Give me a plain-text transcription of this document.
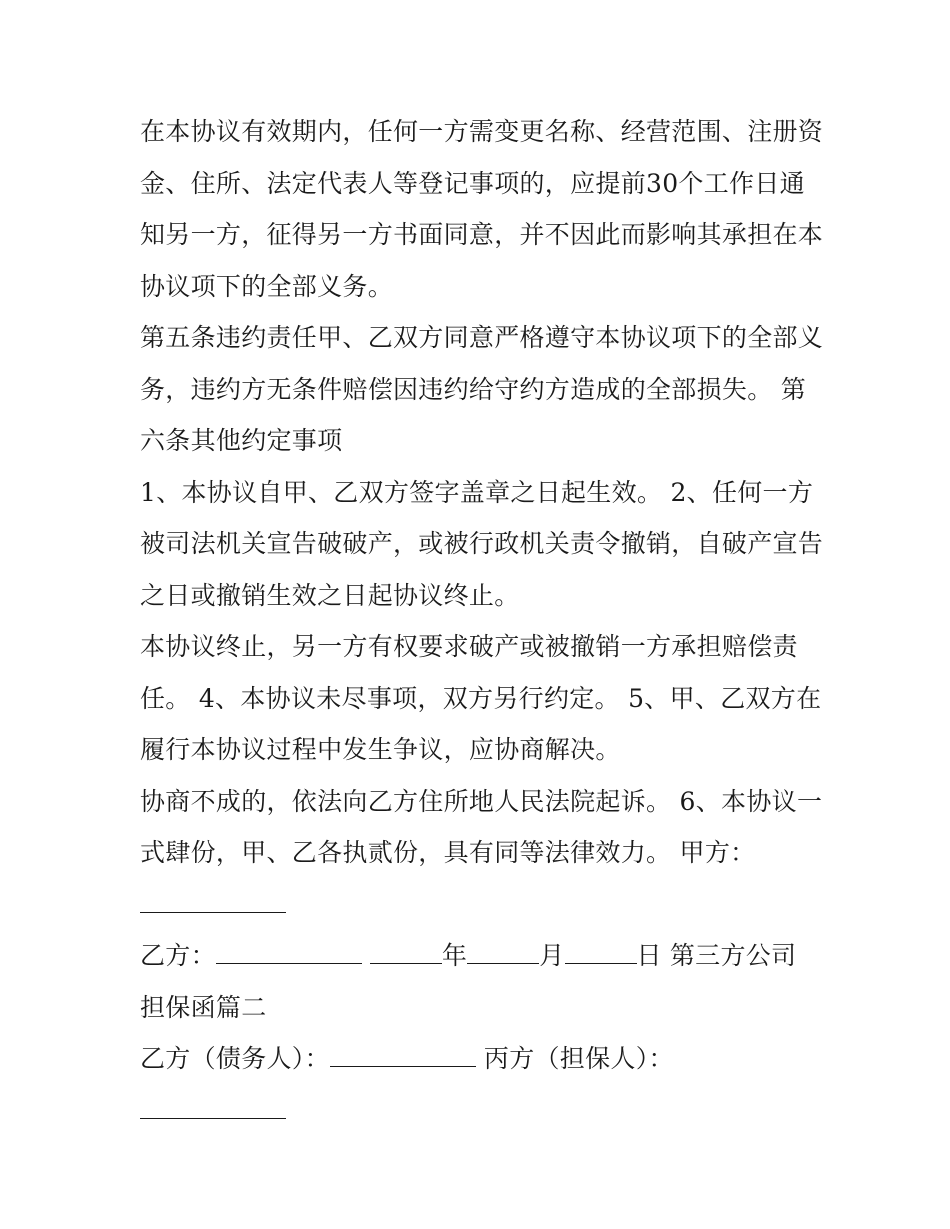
在本协议有效期内，任何一方需变更名称、经营范围、注册资
金、住所、法定代表人等登记事项的，应提前30个工作日通
知另一方，征得另一方书面同意，并不因此而影响其承担在本
协议项下的全部义务。
第五条违约责任甲、乙双方同意严格遵守本协议项下的全部义
务，违约方无条件赔偿因违约给守约方造成的全部损失。 第
六条其他约定事项
1、本协议自甲、乙双方签字盖章之日起生效。 2、任何一方
被司法机关宣告破破产，或被行政机关责令撤销，自破产宣告
之日或撤销生效之日起协议终止。
本协议终止，另一方有权要求破产或被撤销一方承担赔偿责
任。 4、本协议未尽事项，双方另行约定。 5、甲、乙双方在
履行本协议过程中发生争议，应协商解决。
协商不成的，依法向乙方住所地人民法院起诉。 6、本协议一
式肆份，甲、乙各执贰份，具有同等法律效力。 甲方：
乙方：	年	月	日 第三方公司
担保函篇二
乙方（债务人）：	丙方（担保人）：
